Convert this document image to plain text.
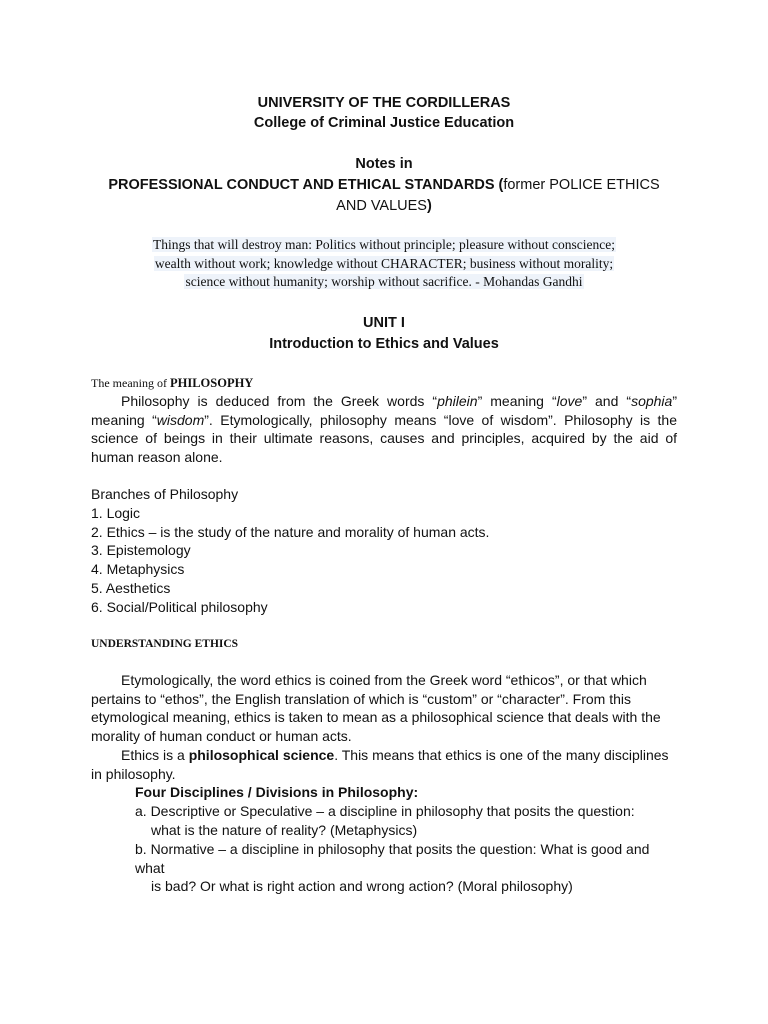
UNIVERSITY OF THE CORDILLERAS
College of Criminal Justice Education
Notes in
PROFESSIONAL CONDUCT AND ETHICAL STANDARDS (former POLICE ETHICS
AND VALUES)
Things that will destroy man: Politics without principle; pleasure without conscience;
wealth without work; knowledge without CHARACTER; business without morality;
science without humanity; worship without sacrifice. - Mohandas Gandhi
UNIT I
Introduction to Ethics and Values
The meaning of PHILOSOPHY
Philosophy is deduced from the Greek words “philein” meaning “love” and “sophia” meaning “wisdom”. Etymologically, philosophy means “love of wisdom”. Philosophy is the science of beings in their ultimate reasons, causes and principles, acquired by the aid of human reason alone.
Branches of Philosophy
1. Logic
2. Ethics – is the study of the nature and morality of human acts.
3. Epistemology
4. Metaphysics
5. Aesthetics
6. Social/Political philosophy
UNDERSTANDING ETHICS
Etymologically, the word ethics is coined from the Greek word “ethicos”, or that which pertains to “ethos”, the English translation of which is “custom” or “character”. From this etymological meaning, ethics is taken to mean as a philosophical science that deals with the morality of human conduct or human acts.
Ethics is a philosophical science. This means that ethics is one of the many disciplines in philosophy.
Four Disciplines / Divisions in Philosophy:
a. Descriptive or Speculative – a discipline in philosophy that posits the question:
what is the nature of reality? (Metaphysics)
b. Normative – a discipline in philosophy that posits the question: What is good and what
is bad? Or what is right action and wrong action? (Moral philosophy)
